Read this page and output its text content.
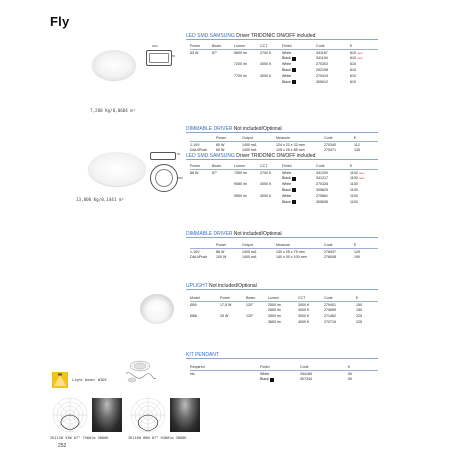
Fly
Ø50
50
7,280 Kg/0,0684 m³
LED SMD SAMSUNG Driver TRIDONIC ON/OFF included
Power	Beam	Lumen	CCT	Finish	Code	€
53 W	87°	5600 lm	2700 K	White	341187	610new
				Black	341194	610new
		7200 lm	3000 K	White	270302	610
				Black	292298	610
		7700 lm	4000 K	White	270319	610
				Black	305612	610
DIMMABLE DRIVER Not included/Optional
	Power	Output	Measure	Code	€
1-10V	60 W	1400 mA	124 x 23 x 32 mm	270340	112
DALI/Push	60 W	1400 mA	125 x 25 x 85 mm	270371	135
Ø88
50
13,800 Kg/0,1441 m³
LED SMD SAMSUNG Driver TRIDONIC ON/OFF included
Power	Beam	Lumen	CCT	Finish	Code	€
88 W	87°	7350 lm	2700 K	White	341200	1100new
				Black	341217	1100new
		9080 lm	3000 K	White	270326	1100
				Black	305629	1100
		9550 lm	4000 K	White	270661	1100
				Black	305636	1100
DIMMABLE DRIVER Not included/Optional
	Power	Output	Measure	Code	€
1-10V	88 W	1400 mA	130 x 25 x 75 mm	276937	125
DALI/Push	100 W	1400 mA	140 x 30 x 100 mm	276008	190
UPLIGHT Not included/Optional
Model	Power	Beam	Lumen	CCT	Code	€
Ø50	17,5 W	120°	2500 lm	3000 K	279401	150
			2650 lm	4000 K	279659	150
Ø88	25 W	120°	3500 lm	3000 K	271462	225
			3650 lm	4000 K	270719	225
KIT PENDANT
Required	Finish	Code	€
No	White	254189	50
	Black	307344	50
Light beam: WIDE
IK1130 53W 87° 7500lm 3000K	IK1160 88W 87° 9480lm 3000K
252
